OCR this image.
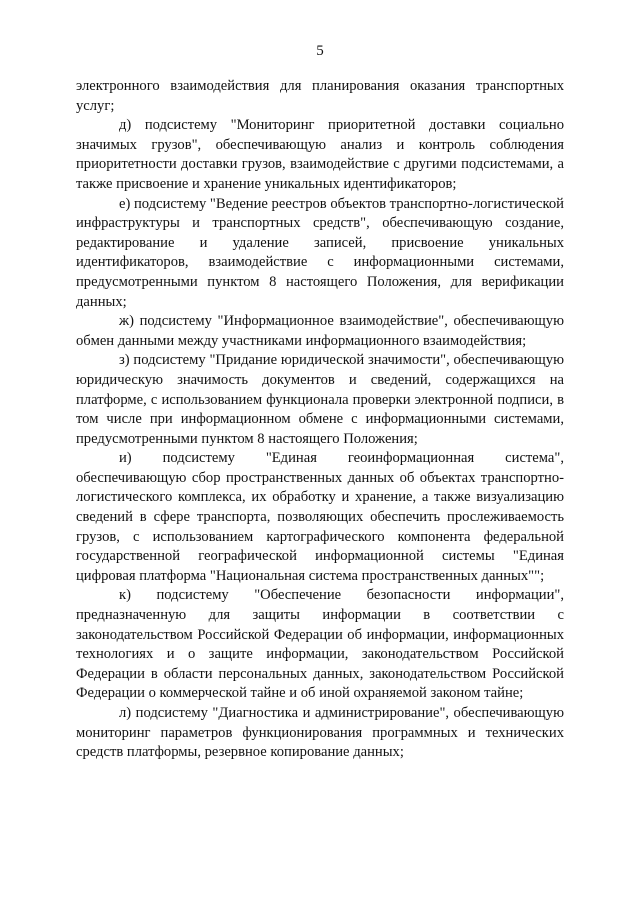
5

электронного взаимодействия для планирования оказания транспортных услуг;

д) подсистему "Мониторинг приоритетной доставки социально значимых грузов", обеспечивающую анализ и контроль соблюдения приоритетности доставки грузов, взаимодействие с другими подсистемами, а также присвоение и хранение уникальных идентификаторов;

е) подсистему "Ведение реестров объектов транспортно-логистической инфраструктуры и транспортных средств", обеспечивающую создание, редактирование и удаление записей, присвоение уникальных идентификаторов, взаимодействие с информационными системами, предусмотренными пунктом 8 настоящего Положения, для верификации данных;

ж) подсистему "Информационное взаимодействие", обеспечивающую обмен данными между участниками информационного взаимодействия;

з) подсистему "Придание юридической значимости", обеспечивающую юридическую значимость документов и сведений, содержащихся на платформе, с использованием функционала проверки электронной подписи, в том числе при информационном обмене с информационными системами, предусмотренными пунктом 8 настоящего Положения;

и) подсистему "Единая геоинформационная система", обеспечивающую сбор пространственных данных об объектах транспортно-логистического комплекса, их обработку и хранение, а также визуализацию сведений в сфере транспорта, позволяющих обеспечить прослеживаемость грузов, с использованием картографического компонента федеральной государственной географической информационной системы "Единая цифровая платформа "Национальная система пространственных данных"";

к) подсистему "Обеспечение безопасности информации", предназначенную для защиты информации в соответствии с законодательством Российской Федерации об информации, информационных технологиях и о защите информации, законодательством Российской Федерации в области персональных данных, законодательством Российской Федерации о коммерческой тайне и об иной охраняемой законом тайне;

л) подсистему "Диагностика и администрирование", обеспечивающую мониторинг параметров функционирования программных и технических средств платформы, резервное копирование данных;
